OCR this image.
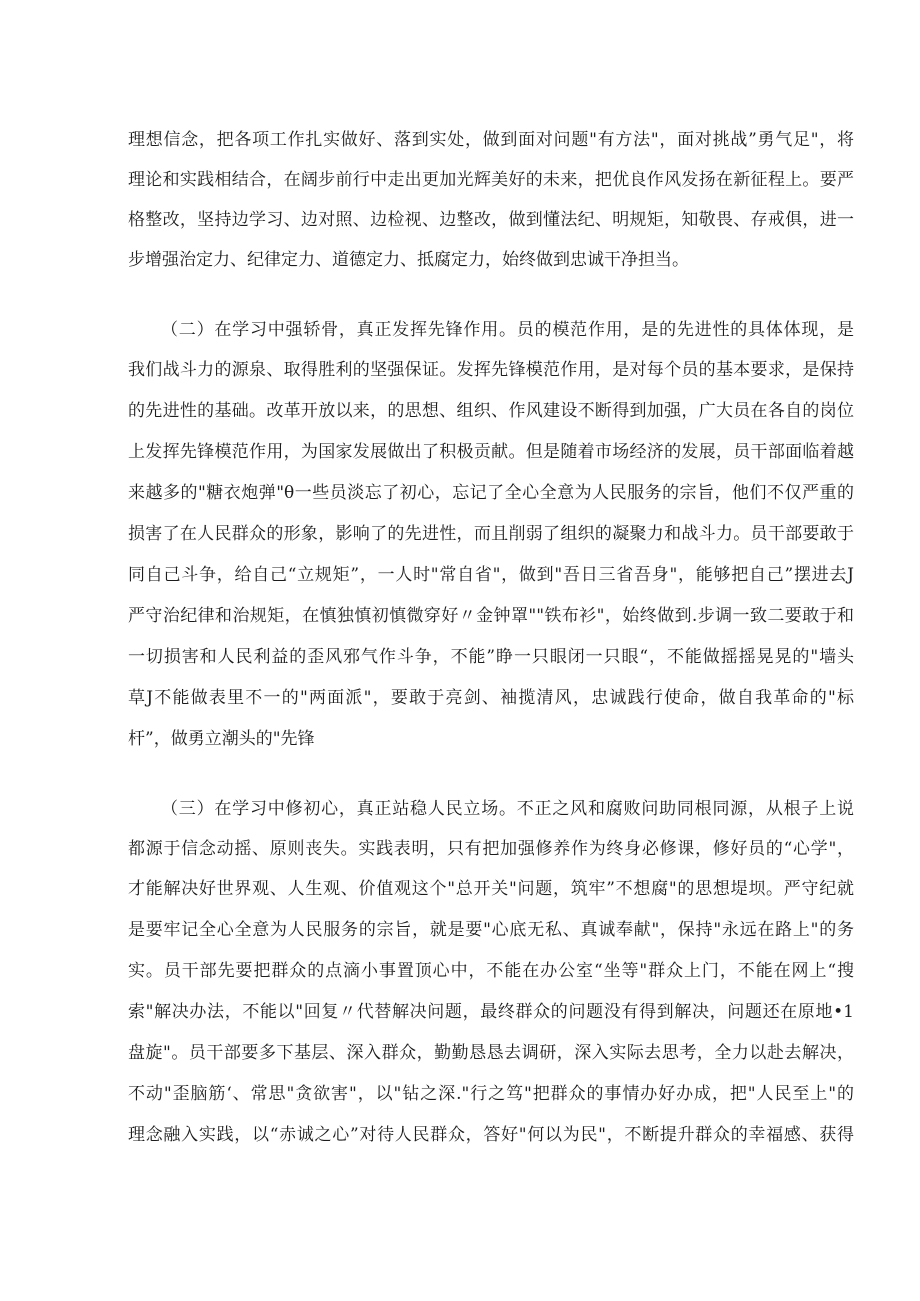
理想信念，把各项工作扎实做好、落到实处，做到面对问题"有方法"，面对挑战”勇气足"，将
理论和实践相结合，在阔步前行中走出更加光辉美好的未来，把优良作风发扬在新征程上。要严
格整改，坚持边学习、边对照、边检视、边整改，做到懂法纪、明规矩，知敬畏、存戒俱，进一
步增强治定力、纪律定力、道德定力、抵腐定力，始终做到忠诚干净担当。
（二）在学习中强轿骨，真正发挥先锋作用。员的模范作用，是的先进性的具体体现，是
我们战斗力的源泉、取得胜利的坚强保证。发挥先锋模范作用，是对每个员的基本要求，是保持
的先进性的基础。改革开放以来，的思想、组织、作风建设不断得到加强，广大员在各自的岗位
上发挥先锋模范作用，为国家发展做出了积极贡献。但是随着市场经济的发展，员干部面临着越
来越多的"糖衣炮弹"θ一些员淡忘了初心，忘记了全心全意为人民服务的宗旨，他们不仅严重的
损害了在人民群众的形象，影响了的先进性，而且削弱了组织的凝聚力和战斗力。员干部要敢于
同自己斗争，给自己“立规矩”，一人时"常自省"，做到"吾日三省吾身"，能够把自己”摆进去J
严守治纪律和治规矩，在慎独慎初慎微穿好〃金钟罩""铁布衫"，始终做到.步调一致二要敢于和
一切损害和人民利益的歪风邪气作斗争，不能”睁一只眼闭一只眼“，不能做摇摇晃晃的"墙头
草J不能做表里不一的"两面派"，要敢于亮剑、袖揽清风，忠诚践行使命，做自我革命的"标
杆”，做勇立潮头的"先锋
（三）在学习中修初心，真正站稳人民立场。不正之风和腐败问助同根同源，从根子上说
都源于信念动摇、原则丧失。实践表明，只有把加强修养作为终身必修课，修好员的“心学"，
才能解决好世界观、人生观、价值观这个"总开关"问题，筑牢”不想腐"的思想堤坝。严守纪就
是要牢记全心全意为人民服务的宗旨，就是要"心底无私、真诚奉献"，保持"永远在路上"的务
实。员干部先要把群众的点滴小事置顶心中，不能在办公室“坐等"群众上门，不能在网上“搜
索"解决办法，不能以"回复〃代替解决问题，最终群众的问题没有得到解决，问题还在原地•1
盘旋"。员干部要多下基层、深入群众，勤勤恳恳去调研，深入实际去思考，全力以赴去解决，
不动"歪脑筋‘、常思"贪欲害"，以"钻之深."行之笃"把群众的事情办好办成，把"人民至上"的
理念融入实践，以“赤诚之心”对待人民群众，答好"何以为民"，不断提升群众的幸福感、获得
